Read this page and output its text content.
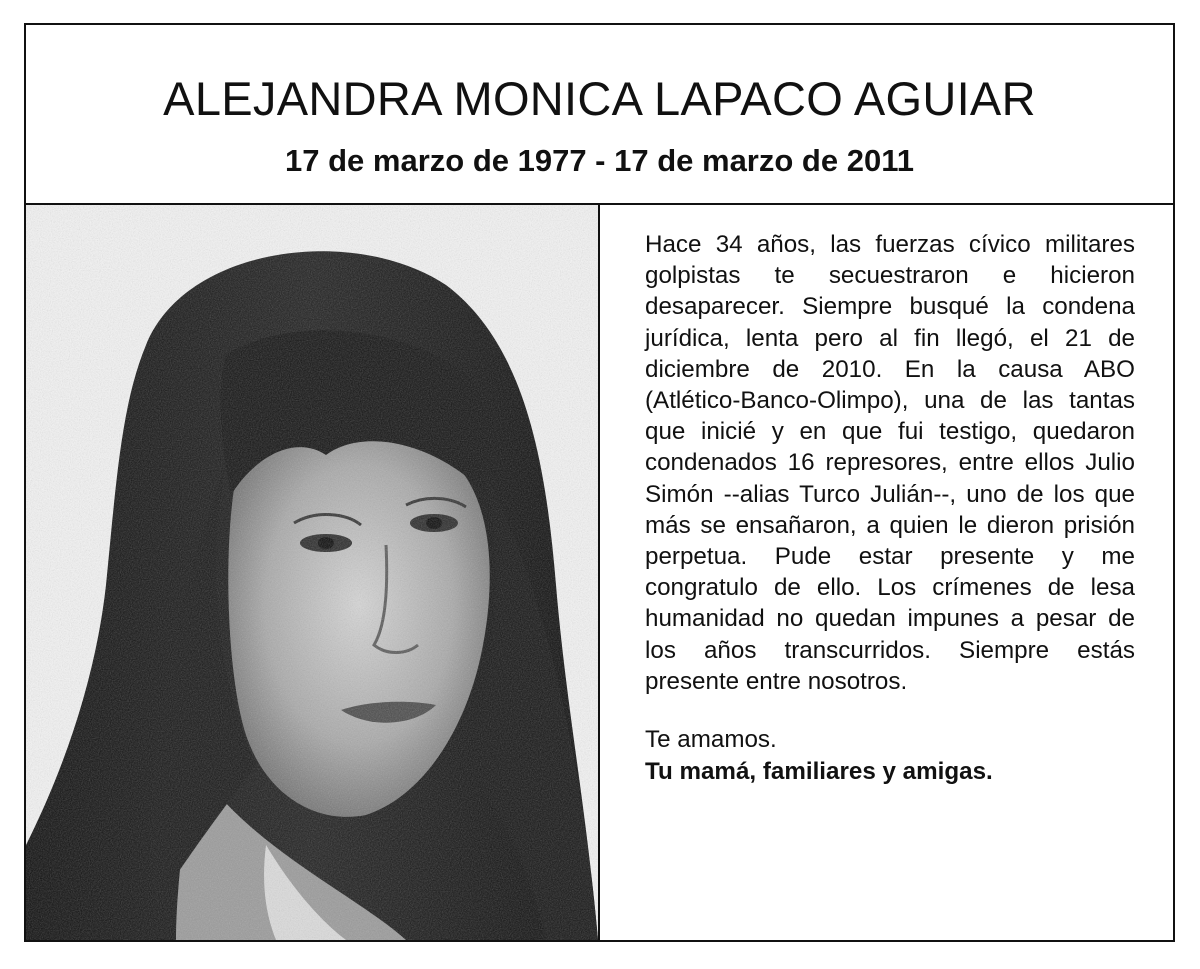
ALEJANDRA MONICA LAPACO AGUIAR
17 de marzo de 1977 - 17 de marzo de 2011

Hace 34 años, las fuerzas cívico militares golpistas te secuestraron e hicieron desaparecer. Siempre busqué la condena jurídica, lenta pero al fin llegó, el 21 de diciembre de 2010. En la causa ABO (Atlético-Banco-Olimpo), una de las tantas que inicié y en que fui testigo, quedaron condenados 16 represores, entre ellos Julio Simón --alias Turco Julián--, uno de los que más se ensañaron, a quien le dieron prisión perpetua. Pude estar presente y me congratulo de ello. Los crímenes de lesa humanidad no quedan impunes a pesar de los años transcurridos. Siempre estás presente entre nosotros.

Te amamos.
Tu mamá, familiares y amigas.
